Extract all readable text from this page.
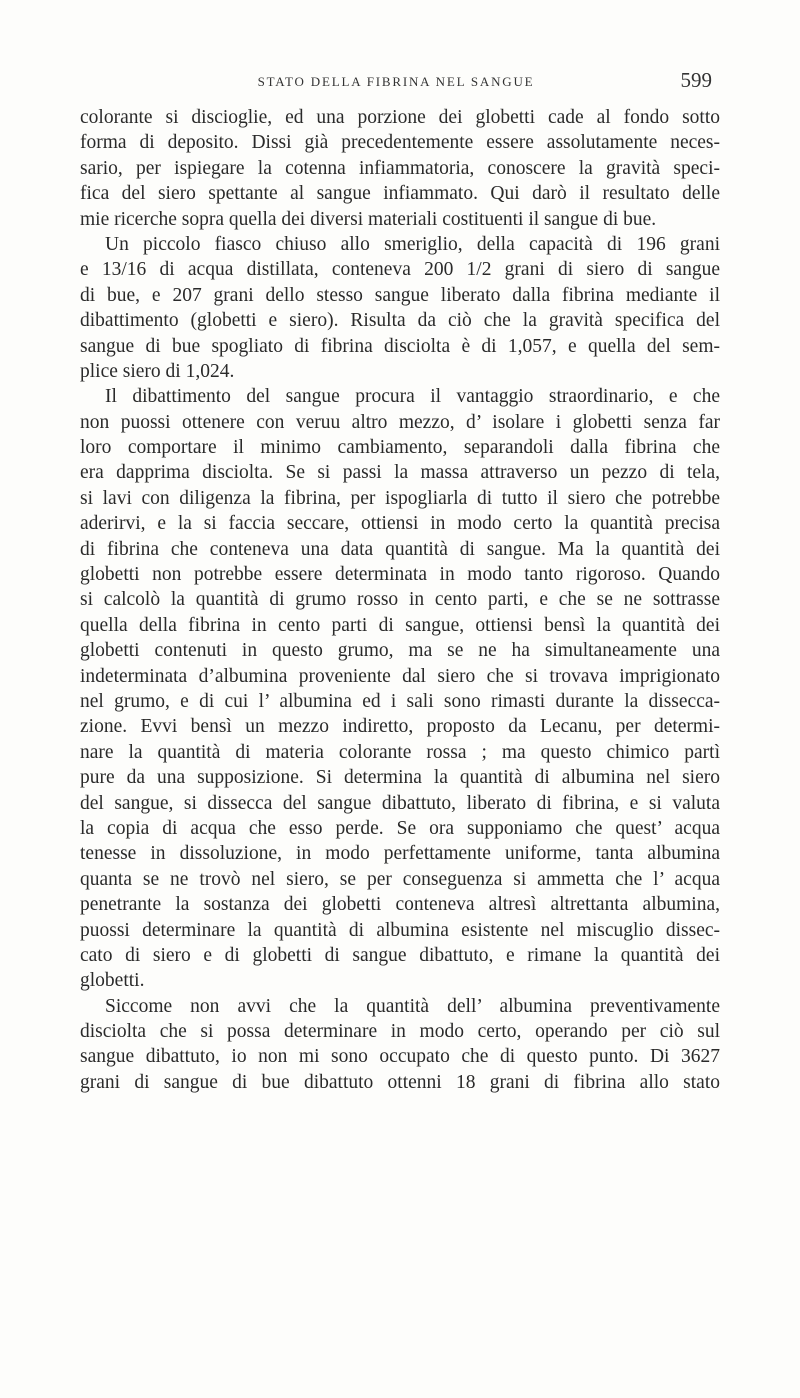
STATO DELLA FIBRINA NEL SANGUE	599
colorante si discioglie, ed una porzione dei globetti cade al fondo sotto
forma di deposito. Dissi già precedentemente essere assolutamente neces-
sario, per ispiegare la cotenna infiammatoria, conoscere la gravità speci-
fica del siero spettante al sangue infiammato. Qui darò il resultato delle
mie ricerche sopra quella dei diversi materiali costituenti il sangue di bue.
Un piccolo fiasco chiuso allo smeriglio, della capacità di 196 grani
e 13/16 di acqua distillata, conteneva 200 1/2 grani di siero di sangue
di bue, e 207 grani dello stesso sangue liberato dalla fibrina mediante il
dibattimento (globetti e siero). Risulta da ciò che la gravità specifica del
sangue di bue spogliato di fibrina disciolta è di 1,057, e quella del sem-
plice siero di 1,024.
Il dibattimento del sangue procura il vantaggio straordinario, e che
non puossi ottenere con veruu altro mezzo, d’ isolare i globetti senza far
loro comportare il minimo cambiamento, separandoli dalla fibrina che
era dapprima disciolta. Se si passi la massa attraverso un pezzo di tela,
si lavi con diligenza la fibrina, per ispogliarla di tutto il siero che potrebbe
aderirvi, e la si faccia seccare, ottiensi in modo certo la quantità precisa
di fibrina che conteneva una data quantità di sangue. Ma la quantità dei
globetti non potrebbe essere determinata in modo tanto rigoroso. Quando
si calcolò la quantità di grumo rosso in cento parti, e che se ne sottrasse
quella della fibrina in cento parti di sangue, ottiensi bensì la quantità dei
globetti contenuti in questo grumo, ma se ne ha simultaneamente una
indeterminata d’albumina proveniente dal siero che si trovava imprigionato
nel grumo, e di cui l’ albumina ed i sali sono rimasti durante la dissecca-
zione. Evvi bensì un mezzo indiretto, proposto da Lecanu, per determi-
nare la quantità di materia colorante rossa ; ma questo chimico partì
pure da una supposizione. Si determina la quantità di albumina nel siero
del sangue, si dissecca del sangue dibattuto, liberato di fibrina, e si valuta
la copia di acqua che esso perde. Se ora supponiamo che quest’ acqua
tenesse in dissoluzione, in modo perfettamente uniforme, tanta albumina
quanta se ne trovò nel siero, se per conseguenza si ammetta che l’ acqua
penetrante la sostanza dei globetti conteneva altresì altrettanta albumina,
puossi determinare la quantità di albumina esistente nel miscuglio dissec-
cato di siero e di globetti di sangue dibattuto, e rimane la quantità dei
globetti.
Siccome non avvi che la quantità dell’ albumina preventivamente
disciolta che si possa determinare in modo certo, operando per ciò sul
sangue dibattuto, io non mi sono occupato che di questo punto. Di 3627
grani di sangue di bue dibattuto ottenni 18 grani di fibrina allo stato
